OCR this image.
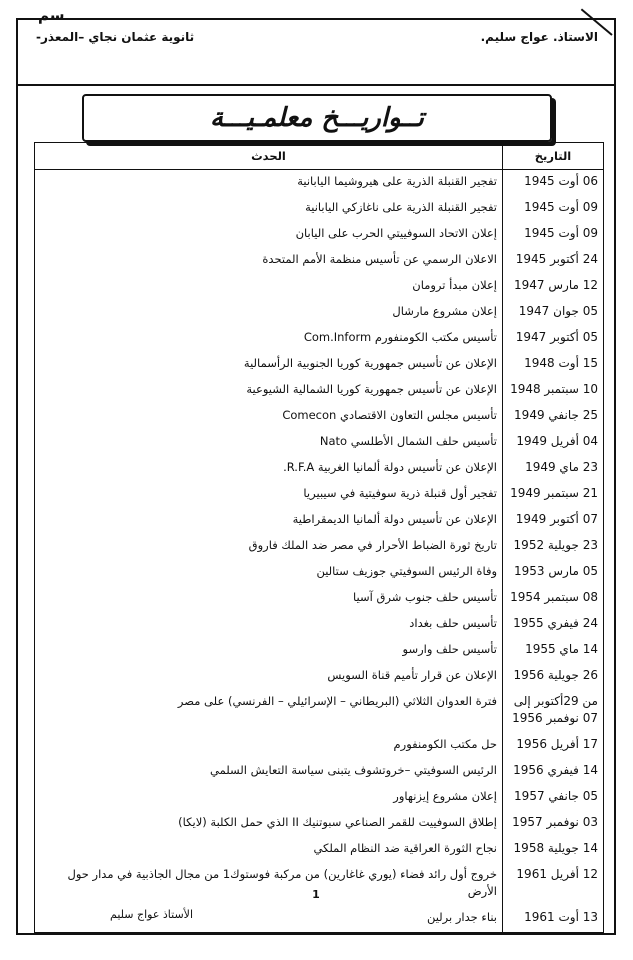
سم
ثانوية عثمان نجاي –المعذر-	الاستاذ. عواج سليم.
تــواريـــخ معلمـيـــة
التاريخ	الحدث
06 أوت 1945	تفجير القنبلة الذرية على هيروشيما اليابانية
09 أوت 1945	تفجير القنبلة الذرية على ناغازكي اليابانية
09 أوت 1945	إعلان الاتحاد السوفييتي الحرب على اليابان
24 أكتوبر 1945	الاعلان الرسمي عن تأسيس منظمة الأمم المتحدة
12 مارس 1947	إعلان مبدأ ترومان
05 جوان 1947	إعلان مشروع مارشال
05 أكتوبر 1947	تأسيس مكتب الكومنفورم Com.Inform
15 أوت 1948	الإعلان عن تأسيس جمهورية كوريا الجنوبية الرأسمالية
10 سبتمبر 1948	الإعلان عن تأسيس جمهورية كوريا الشمالية الشيوعية
25 جانفي 1949	تأسيس مجلس التعاون الاقتصادي Comecon
04 أفريل 1949	تأسيس حلف الشمال الأطلسي Nato
23 ماي 1949	الإعلان عن تأسيس دولة ألمانيا الغربية R.F.A.
21 سبتمبر 1949	تفجير أول قنبلة ذرية سوفيتية في سيبيريا
07 أكتوبر 1949	الإعلان عن تأسيس دولة ألمانيا الديمقراطية
23 جويلية 1952	تاريخ ثورة الضباط الأحرار في مصر ضد الملك فاروق
05 مارس 1953	وفاة الرئيس السوفيتي جوزيف ستالين
08 سبتمبر 1954	تأسيس حلف جنوب شرق آسيا
24 فيفري 1955	تأسيس حلف بغداد
14 ماي 1955	تأسيس حلف وارسو
26 جويلية 1956	الإعلان عن قرار تأميم قناة السويس
من 29أكتوبر إلى 07 نوفمبر 1956	فترة العدوان الثلاثي (البريطاني – الإسرائيلي – الفرنسي) على مصر
17 أفريل 1956	حل مكتب الكومنفورم
14 فيفري 1956	الرئيس السوفيتي –خروتشوف يتبنى سياسة التعايش السلمي
05 جانفي 1957	إعلان مشروع إيزنهاور
03 نوفمبر 1957	إطلاق السوفييت للقمر الصناعي سبوتنيك II الذي حمل الكلبة (لايكا)
14 جويلية 1958	نجاح الثورة العراقية ضد النظام الملكي
12 أفريل 1961	خروج أول رائد فضاء (يوري غاغارين) من مركبة فوستوك1 من مجال الجاذبية في مدار حول الأرض
13 أوت 1961	بناء جدار برلين
1
الأستاذ عواج سليم
